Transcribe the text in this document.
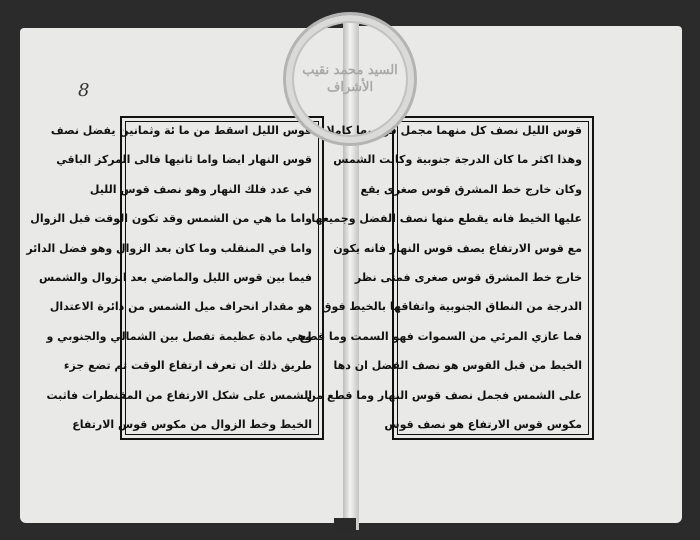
8
قوس الليل اسقط من ما ئة وثمانين يفضل نصف
قوس النهار ايضا واما ثانيها فالى المركز الباقي
في عدد فلك النهار وهو نصف قوس الليل
واما ما هي من الشمس وقد تكون الوقت قبل الزوال
واما في المنقلب وما كان بعد الزوال وهو فضل الدائر
فيما بين قوس الليل والماضي بعد الزوال والشمس
هو مقدار انحراف ميل الشمس من دائرة الاعتدال
وهي مادة عظيمة تفصل بين الشمالي والجنوبي و
طريق ذلك ان تعرف ارتفاع الوقت ثم تضع جزء
الشمس على شكل الارتفاع من المقنطرات فاثبت
الخيط وخط الزوال من مكوس قوس الارتفاع
قوس الليل نصف كل منهما مجمل قوسيها كاملا
وهذا اكثر ما كان الدرجة جنوبية وكانت الشمس
وكان خارج خط المشرق قوس صغرى يقع
عليها الخيط فانه يقطع منها نصف الفضل وجميعها
مع قوس الارتفاع يصف قوس النهار فانه يكون
خارج خط المشرق قوس صغرى فمتى نظر
الدرجة من النطاق الجنوبية واتفاقها بالخيط فوق
فما عازي المرئي من السموات فهو السمت وما قطع
الخيط من قبل القوس هو نصف الفضل ان دها
على الشمس فجمل نصف قوس النهار وما قطع من
مكوس قوس الارتفاع هو نصف قوس
السيد محمد نقيب الأشراف
